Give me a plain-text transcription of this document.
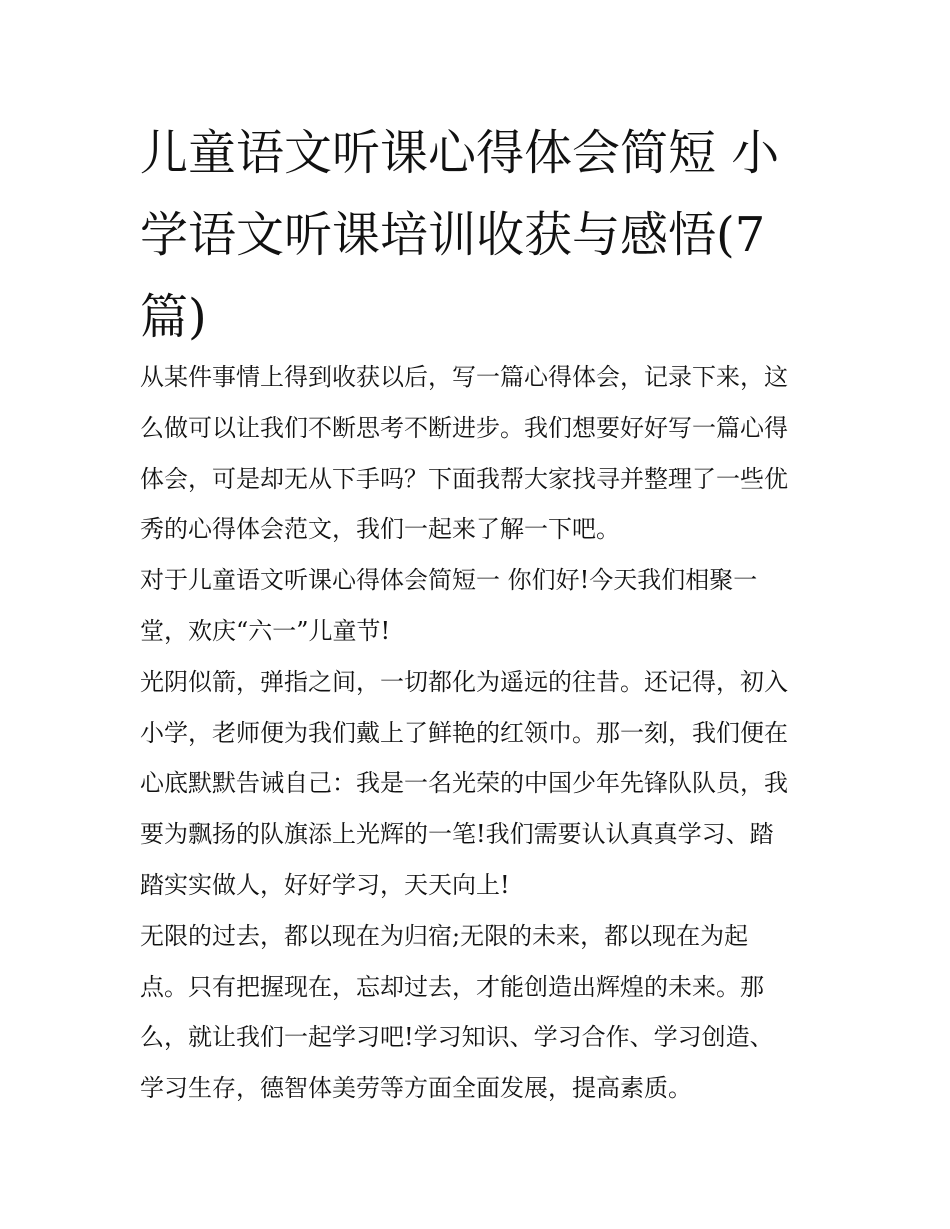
儿童语文听课心得体会简短 小
学语文听课培训收获与感悟(7
篇)
从某件事情上得到收获以后，写一篇心得体会，记录下来，这
么做可以让我们不断思考不断进步。我们想要好好写一篇心得
体会，可是却无从下手吗？下面我帮大家找寻并整理了一些优
秀的心得体会范文，我们一起来了解一下吧。
对于儿童语文听课心得体会简短一 你们好!今天我们相聚一
堂，欢庆“六一”儿童节!
光阴似箭，弹指之间，一切都化为遥远的往昔。还记得，初入
小学，老师便为我们戴上了鲜艳的红领巾。那一刻，我们便在
心底默默告诫自己：我是一名光荣的中国少年先锋队队员，我
要为飘扬的队旗添上光辉的一笔!我们需要认认真真学习、踏
踏实实做人，好好学习，天天向上!
无限的过去，都以现在为归宿;无限的未来，都以现在为起
点。只有把握现在，忘却过去，才能创造出辉煌的未来。那
么，就让我们一起学习吧!学习知识、学习合作、学习创造、
学习生存，德智体美劳等方面全面发展，提高素质。
